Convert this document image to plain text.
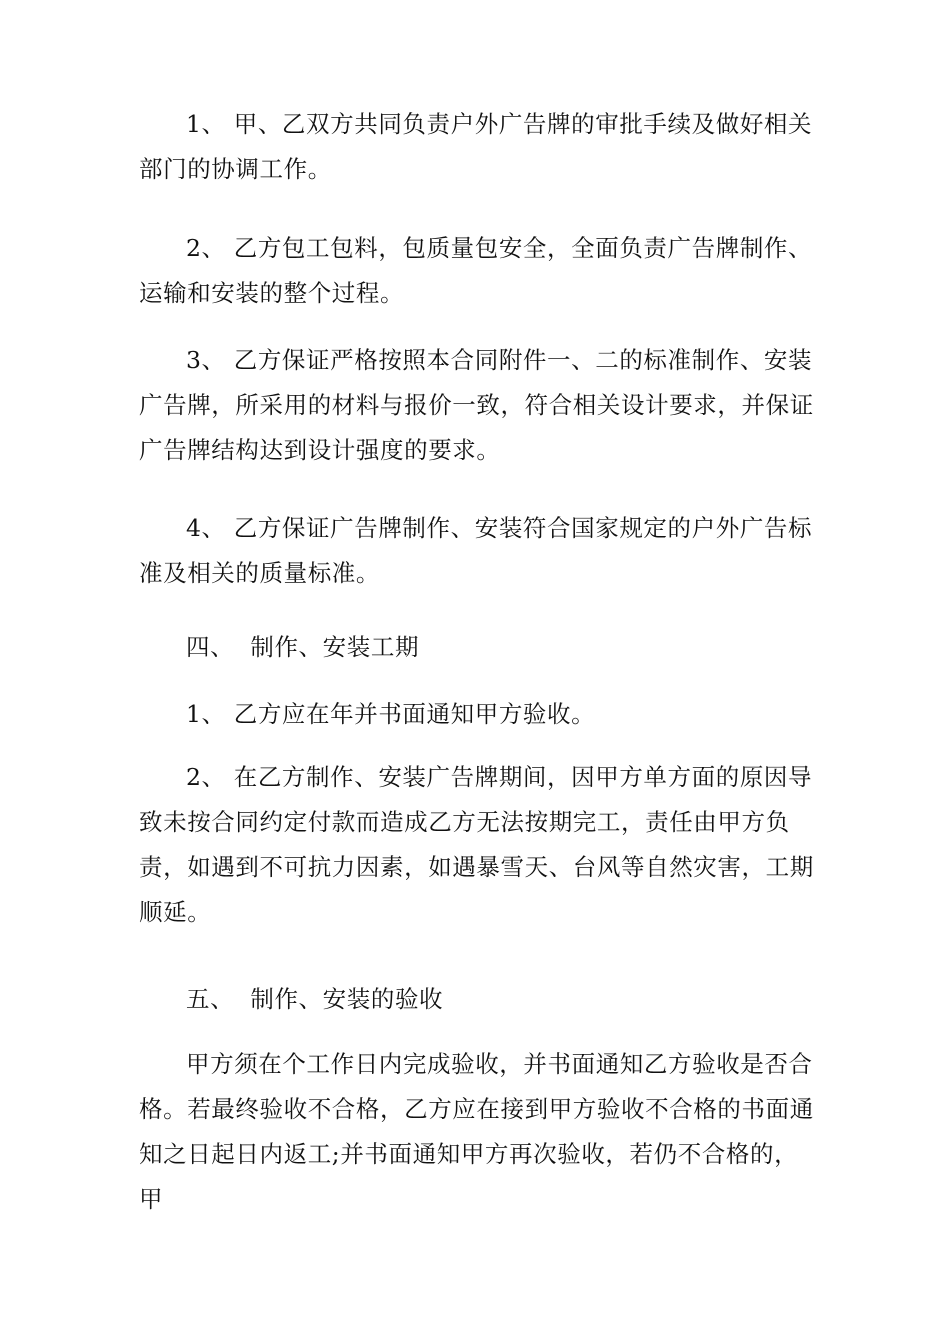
1、 甲、乙双方共同负责户外广告牌的审批手续及做好相关部门的协调工作。

2、 乙方包工包料，包质量包安全，全面负责广告牌制作、运输和安装的整个过程。

3、 乙方保证严格按照本合同附件一、二的标准制作、安装广告牌，所采用的材料与报价一致，符合相关设计要求，并保证广告牌结构达到设计强度的要求。

4、 乙方保证广告牌制作、安装符合国家规定的户外广告标准及相关的质量标准。

四、  制作、安装工期

1、 乙方应在年并书面通知甲方验收。

2、 在乙方制作、安装广告牌期间，因甲方单方面的原因导致未按合同约定付款而造成乙方无法按期完工，责任由甲方负责，如遇到不可抗力因素，如遇暴雪天、台风等自然灾害，工期顺延。

五、  制作、安装的验收

甲方须在个工作日内完成验收，并书面通知乙方验收是否合格。若最终验收不合格，乙方应在接到甲方验收不合格的书面通知之日起日内返工;并书面通知甲方再次验收，若仍不合格的， 甲
